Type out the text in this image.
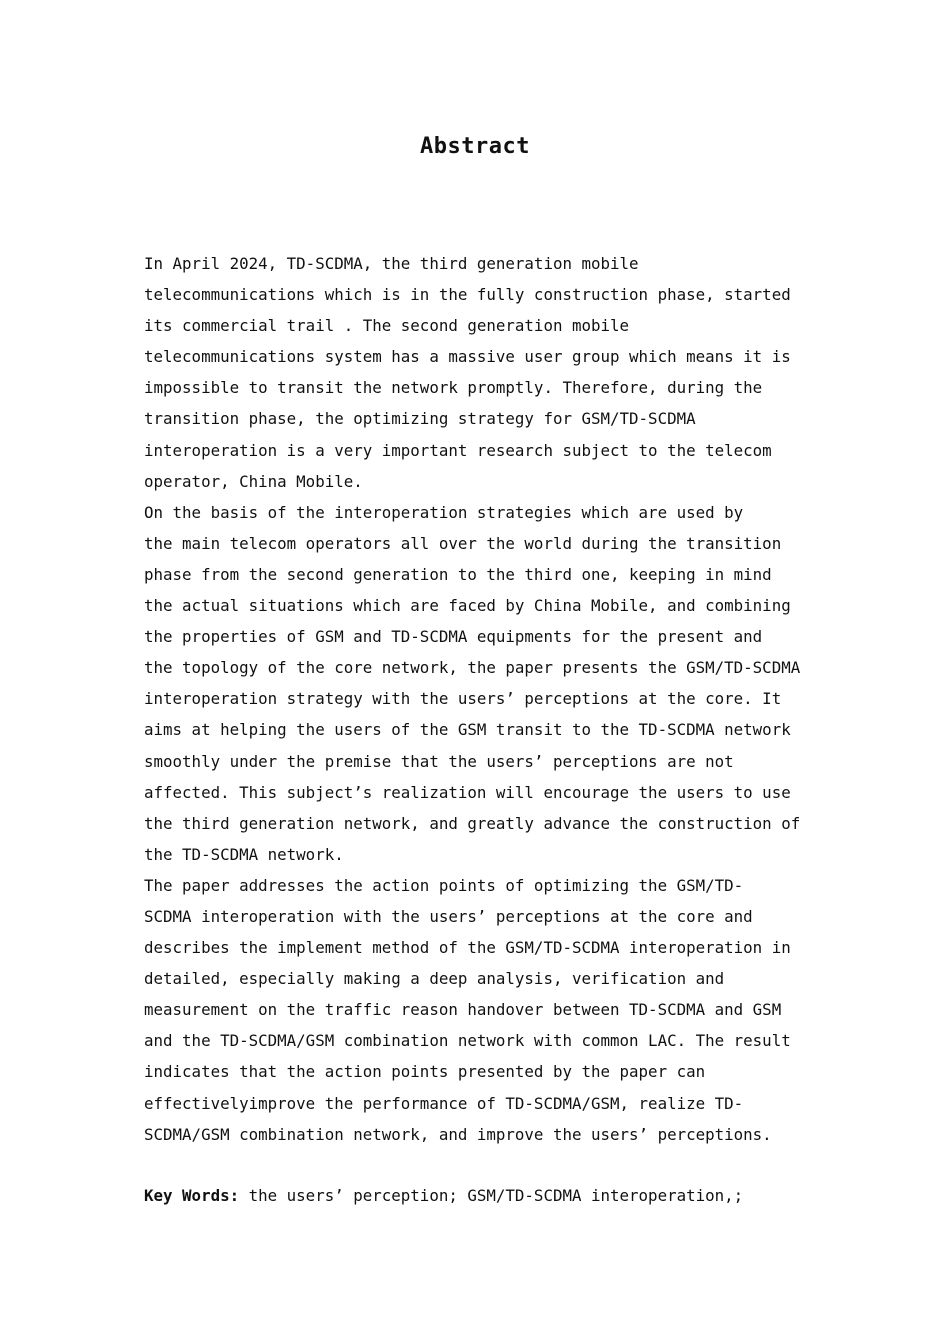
Abstract

In April 2024, TD-SCDMA, the third generation mobile
telecommunications which is in the fully construction phase, started
its commercial trail . The second generation mobile
telecommunications system has a massive user group which means it is
impossible to transit the network promptly. Therefore, during the
transition phase, the optimizing strategy for GSM/TD-SCDMA
interoperation is a very important research subject to the telecom
operator, China Mobile.

On the basis of the interoperation strategies which are used by
the main telecom operators all over the world during the transition
phase from the second generation to the third one, keeping in mind
the actual situations which are faced by China Mobile, and combining
the properties of GSM and TD-SCDMA equipments for the present and
the topology of the core network, the paper presents the GSM/TD-SCDMA
interoperation strategy with the users’ perceptions at the core. It
aims at helping the users of the GSM transit to the TD-SCDMA network
smoothly under the premise that the users’ perceptions are not
affected. This subject’s realization will encourage the users to use
the third generation network, and greatly advance the construction of
the TD-SCDMA network.

The paper addresses the action points of optimizing the GSM/TD-
SCDMA interoperation with the users’ perceptions at the core and
describes the implement method of the GSM/TD-SCDMA interoperation in
detailed, especially making a deep analysis, verification and
measurement on the traffic reason handover between TD-SCDMA and GSM
and the TD-SCDMA/GSM combination network with common LAC. The result
indicates that the action points presented by the paper can
effectivelyimprove the performance of TD-SCDMA/GSM, realize TD-
SCDMA/GSM combination network, and improve the users’ perceptions.

Key Words: the users’ perception; GSM/TD-SCDMA interoperation,;
